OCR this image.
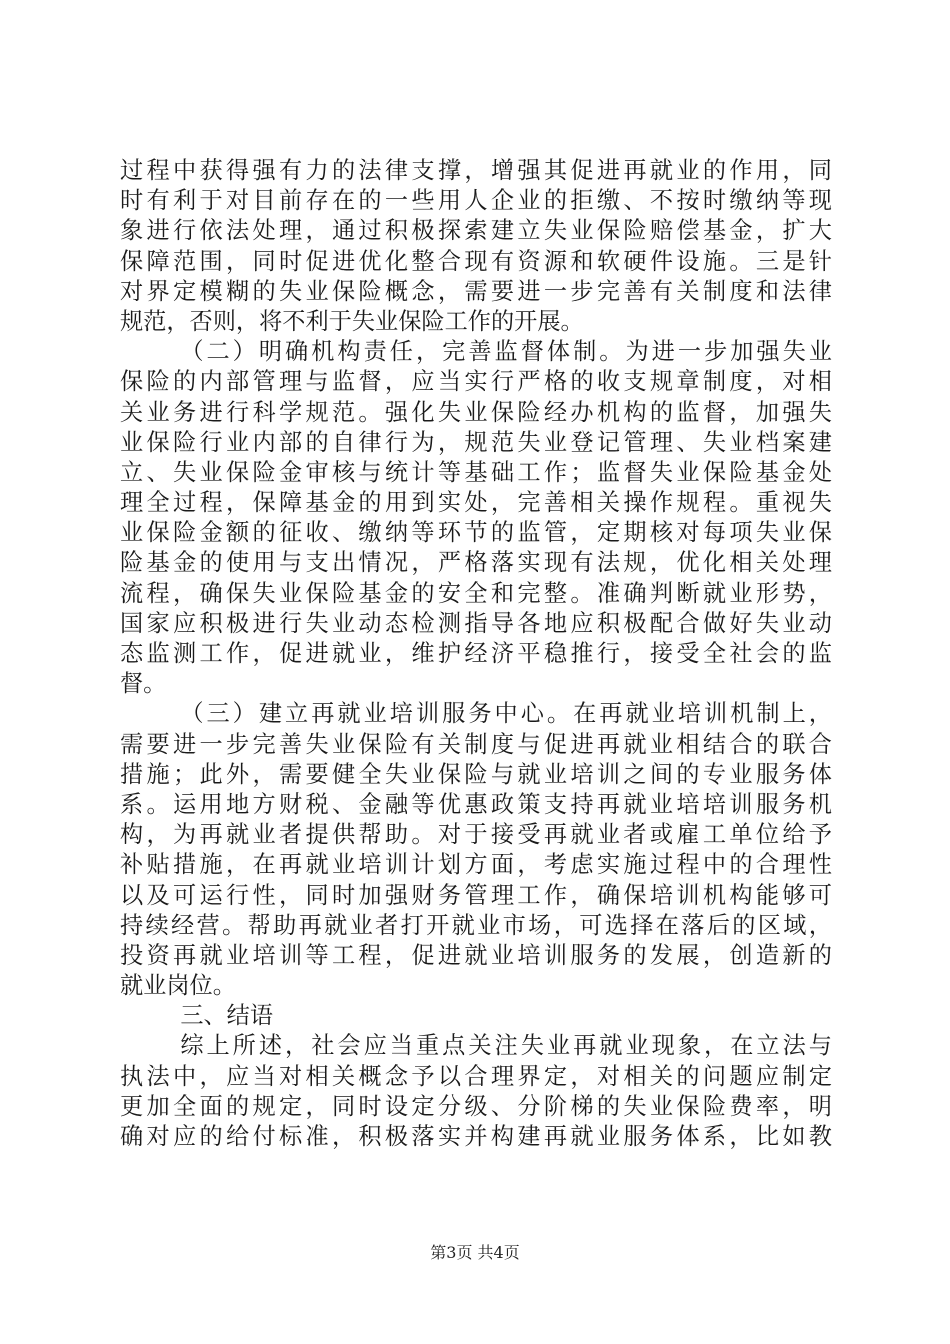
过程中获得强有力的法律支撑，增强其促进再就业的作用，同
时有利于对目前存在的一些用人企业的拒缴、不按时缴纳等现
象进行依法处理，通过积极探索建立失业保险赔偿基金，扩大
保障范围，同时促进优化整合现有资源和软硬件设施。三是针
对界定模糊的失业保险概念，需要进一步完善有关制度和法律
规范，否则，将不利于失业保险工作的开展。
（二）明确机构责任，完善监督体制。为进一步加强失业
保险的内部管理与监督，应当实行严格的收支规章制度，对相
关业务进行科学规范。强化失业保险经办机构的监督，加强失
业保险行业内部的自律行为，规范失业登记管理、失业档案建
立、失业保险金审核与统计等基础工作；监督失业保险基金处
理全过程，保障基金的用到实处，完善相关操作规程。重视失
业保险金额的征收、缴纳等环节的监管，定期核对每项失业保
险基金的使用与支出情况，严格落实现有法规，优化相关处理
流程，确保失业保险基金的安全和完整。准确判断就业形势，
国家应积极进行失业动态检测指导各地应积极配合做好失业动
态监测工作，促进就业，维护经济平稳推行，接受全社会的监
督。
（三）建立再就业培训服务中心。在再就业培训机制上，
需要进一步完善失业保险有关制度与促进再就业相结合的联合
措施；此外，需要健全失业保险与就业培训之间的专业服务体
系。运用地方财税、金融等优惠政策支持再就业培培训服务机
构，为再就业者提供帮助。对于接受再就业者或雇工单位给予
补贴措施，在再就业培训计划方面，考虑实施过程中的合理性
以及可运行性，同时加强财务管理工作，确保培训机构能够可
持续经营。帮助再就业者打开就业市场，可选择在落后的区域，
投资再就业培训等工程，促进就业培训服务的发展，创造新的
就业岗位。
三、结语
综上所述，社会应当重点关注失业再就业现象，在立法与
执法中，应当对相关概念予以合理界定，对相关的问题应制定
更加全面的规定，同时设定分级、分阶梯的失业保险费率，明
确对应的给付标准，积极落实并构建再就业服务体系，比如教
第3页 共4页
